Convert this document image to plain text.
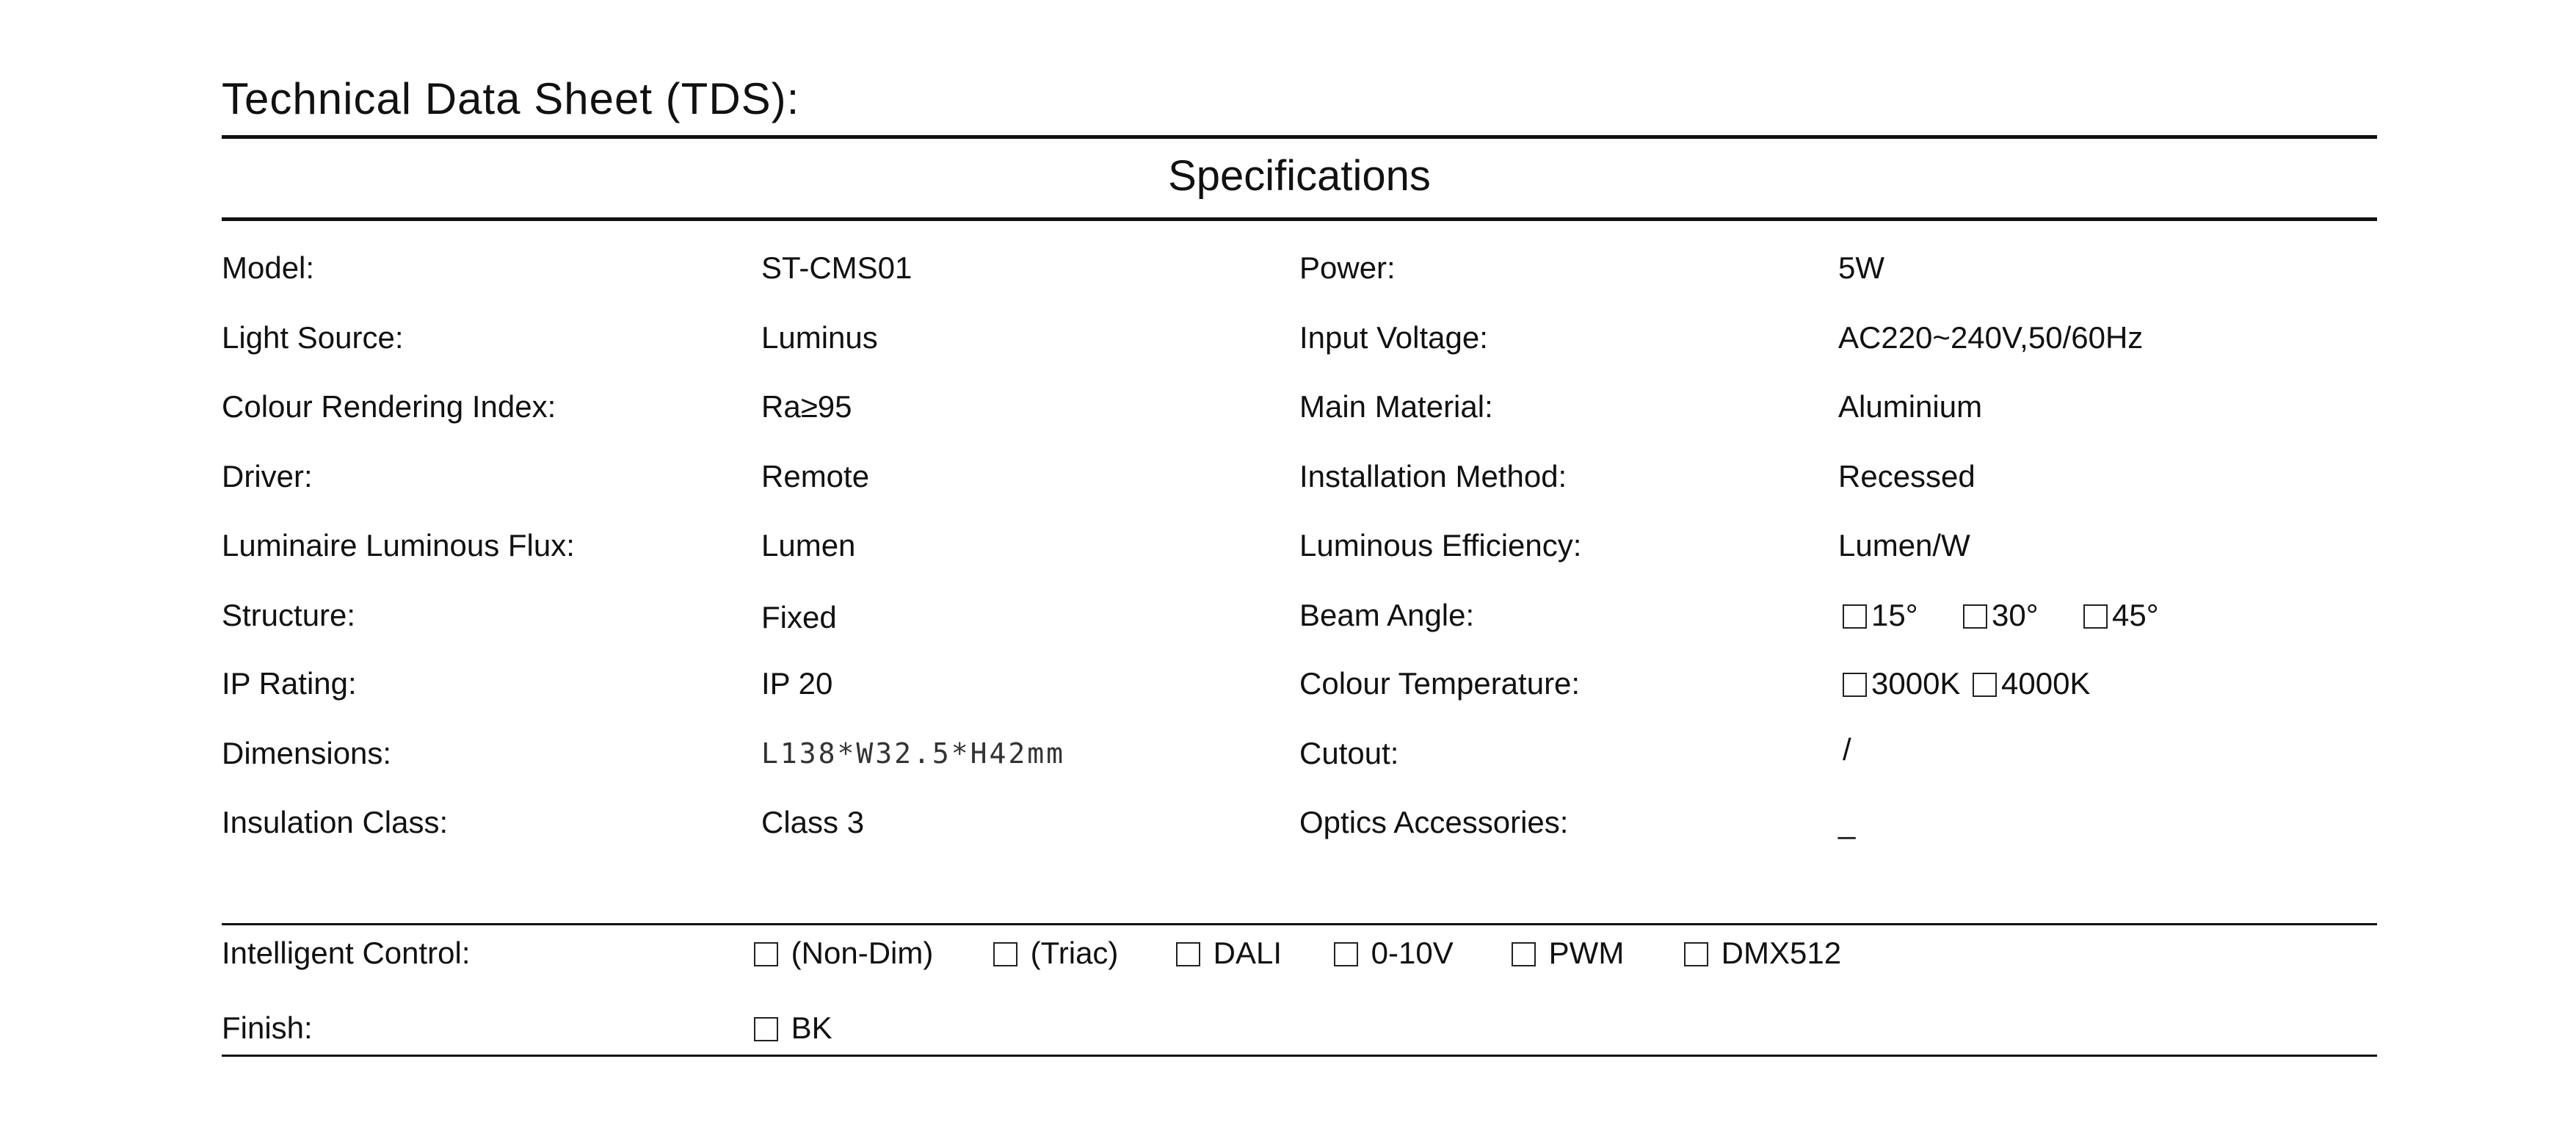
Technical Data Sheet (TDS):
Specifications
Model:	ST-CMS01
Light Source:	Luminus
Colour Rendering Index:	Ra≥95
Driver:	Remote
Luminaire Luminous Flux:	Lumen
Structure:	Fixed
IP Rating:	IP 20
Dimensions:	L138*W32.5*H42mm
Insulation Class:	Class 3
Power:	5W
Input Voltage:	AC220~240V,50/60Hz
Main Material:	Aluminium
Installation Method:	Recessed
Luminous Efficiency:	Lumen/W
Beam Angle:	15°	30°	45°
Colour Temperature:	3000K	4000K
Cutout:	/
Optics Accessories:	_
Intelligent Control:	(Non-Dim)	(Triac)	DALI	0-10V	PWM	DMX512
Finish:	BK
